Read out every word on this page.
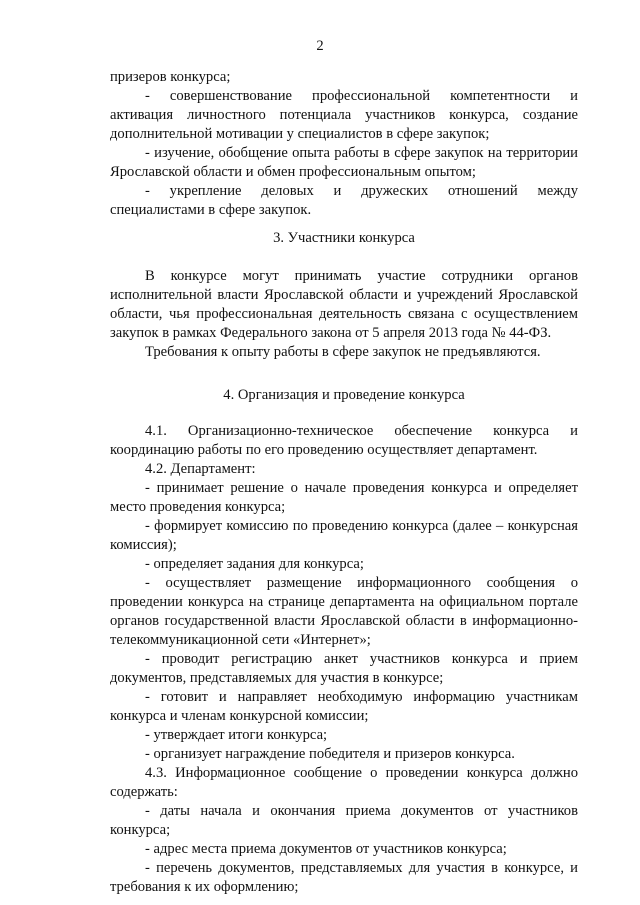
2

призеров конкурса;

- совершенствование профессиональной компетентности и активация личностного потенциала участников конкурса, создание дополнительной мотивации у специалистов в сфере закупок;

- изучение, обобщение опыта работы в сфере закупок на территории Ярославской области и обмен профессиональным опытом;

- укрепление деловых и дружеских отношений между специалистами в сфере закупок.

3. Участники конкурса

В конкурсе могут принимать участие сотрудники органов исполнительной власти Ярославской области и учреждений Ярославской области, чья профессиональная деятельность связана с осуществлением закупок в рамках Федерального закона от 5 апреля 2013 года № 44-ФЗ.

Требования к опыту работы в сфере закупок не предъявляются.

4. Организация и проведение конкурса

4.1. Организационно-техническое обеспечение конкурса и координацию работы по его проведению осуществляет департамент.

4.2. Департамент:

- принимает решение о начале проведения конкурса и определяет место проведения конкурса;

- формирует комиссию по проведению конкурса (далее – конкурсная комиссия);

- определяет задания для конкурса;

- осуществляет размещение информационного сообщения о проведении конкурса на странице департамента на официальном портале органов государственной власти Ярославской области в информационно-телекоммуникационной сети «Интернет»;

- проводит регистрацию анкет участников конкурса и прием документов, представляемых для участия в конкурсе;

- готовит и направляет необходимую информацию участникам конкурса и членам конкурсной комиссии;

- утверждает итоги конкурса;

- организует награждение победителя и призеров конкурса.

4.3. Информационное сообщение о проведении конкурса должно содержать:

- даты начала и окончания приема документов от участников конкурса;

- адрес места приема документов от участников конкурса;

- перечень документов, представляемых для участия в конкурсе, и требования к их оформлению;
